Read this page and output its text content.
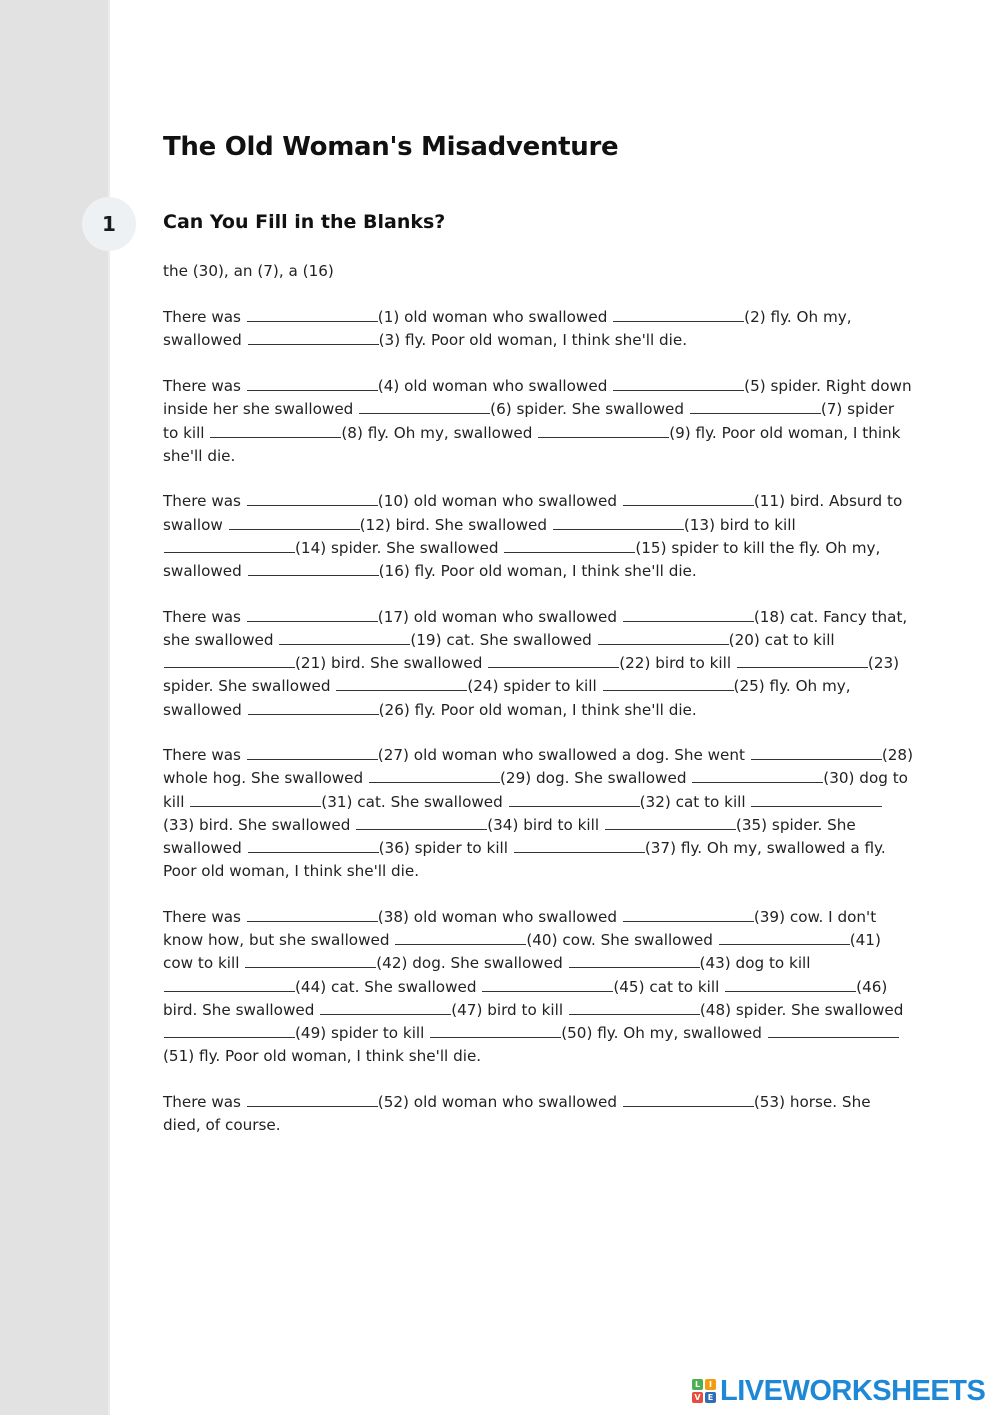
The Old Woman's Misadventure
1	Can You Fill in the Blanks?

the (30), an (7), a (16)

There was	(1) old woman who swallowed	(2) fly. Oh my, swallowed	(3) fly. Poor old woman, I think she'll die.

There was	(4) old woman who swallowed	(5) spider. Right down inside her she swallowed	(6) spider. She swallowed	(7) spider to kill	(8) fly. Oh my, swallowed	(9) fly. Poor old woman, I think she'll die.

There was	(10) old woman who swallowed	(11) bird. Absurd to swallow	(12) bird. She swallowed	(13) bird to kill (14) spider. She swallowed	(15) spider to kill the fly. Oh my, swallowed	(16) fly. Poor old woman, I think she'll die.

There was	(17) old woman who swallowed	(18) cat. Fancy that, she swallowed	(19) cat. She swallowed	(20) cat to kill (21) bird. She swallowed	(22) bird to kill	(23) spider. She swallowed	(24) spider to kill	(25) fly. Oh my, swallowed	(26) fly. Poor old woman, I think she'll die.

There was	(27) old woman who swallowed a dog. She went	(28) whole hog. She swallowed	(29) dog. She swallowed	(30) dog to kill	(31) cat. She swallowed	(32) cat to kill (33) bird. She swallowed	(34) bird to kill	(35) spider. She swallowed	(36) spider to kill	(37) fly. Oh my, swallowed a fly. Poor old woman, I think she'll die.

There was	(38) old woman who swallowed	(39) cow. I don't know how, but she swallowed	(40) cow. She swallowed	(41) cow to kill	(42) dog. She swallowed	(43) dog to kill (44) cat. She swallowed	(45) cat to kill	(46) bird. She swallowed	(47) bird to kill	(48) spider. She swallowed (49) spider to kill	(50) fly. Oh my, swallowed (51) fly. Poor old woman, I think she'll die.

There was	(52) old woman who swallowed	(53) horse. She died, of course.

L	I
V E LIVEWORKSHEETS
